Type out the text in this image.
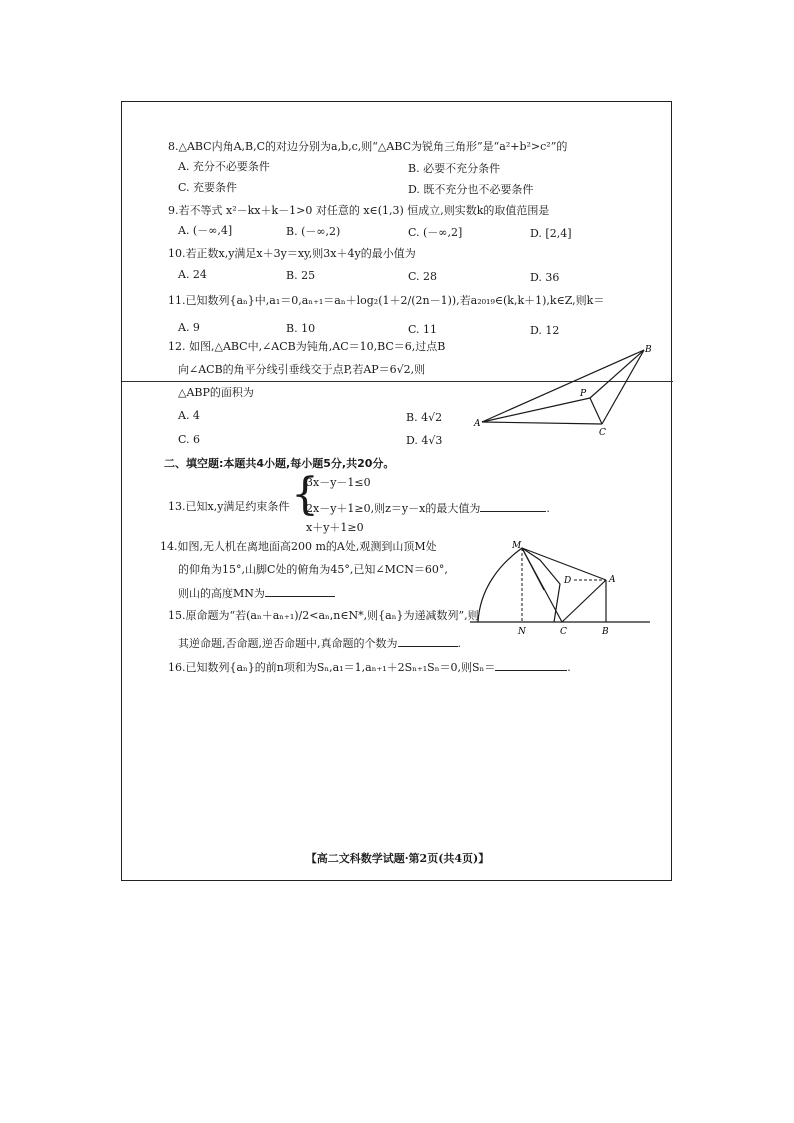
8.△ABC内角A,B,C的对边分别为a,b,c,则“△ABC为锐角三角形”是“a²+b²>c²”的
A. 充分不必要条件	B. 必要不充分条件
C. 充要条件	D. 既不充分也不必要条件
9.若不等式 x²－kx＋k－1>0 对任意的 x∈(1,3) 恒成立,则实数k的取值范围是
A. (－∞,4]	B. (－∞,2)	C. (－∞,2]	D. [2,4]
10.若正数x,y满足x＋3y＝xy,则3x＋4y的最小值为
A. 24	B. 25	C. 28	D. 36
11.已知数列{aₙ}中,a₁＝0,aₙ₊₁＝aₙ＋log₂(1＋2/(2n－1)),若a₂₀₁₉∈(k,k＋1),k∈Z,则k＝
A. 9	B. 10	C. 11	D. 12
12. 如图,△ABC中,∠ACB为钝角,AC＝10,BC＝6,过点B
向∠ACB的角平分线引垂线交于点P,若AP＝6√2,则
△ABP的面积为
A. 4	B. 4√2
C. 6	D. 4√3
A
B
C
P
二、填空题:本题共4小题,每小题5分,共20分。
13.已知x,y满足约束条件 {
3x－y－1≤0
2x－y＋1≥0,则z＝y－x的最大值为	.
x＋y＋1≥0
14.如图,无人机在离地面高200 m的A处,观测到山顶M处
的仰角为15°,山脚C处的俯角为45°,已知∠MCN＝60°,
则山的高度MN为
M
A
D
N	C	B
15.原命题为“若(aₙ＋aₙ₊₁)/2<aₙ,n∈N*,则{aₙ}为递减数列”,则
其逆命题,否命题,逆否命题中,真命题的个数为	.
16.已知数列{aₙ}的前n项和为Sₙ,a₁＝1,aₙ₊₁＋2Sₙ₊₁Sₙ＝0,则Sₙ＝	.
【高二文科数学试题·第2页(共4页)】
